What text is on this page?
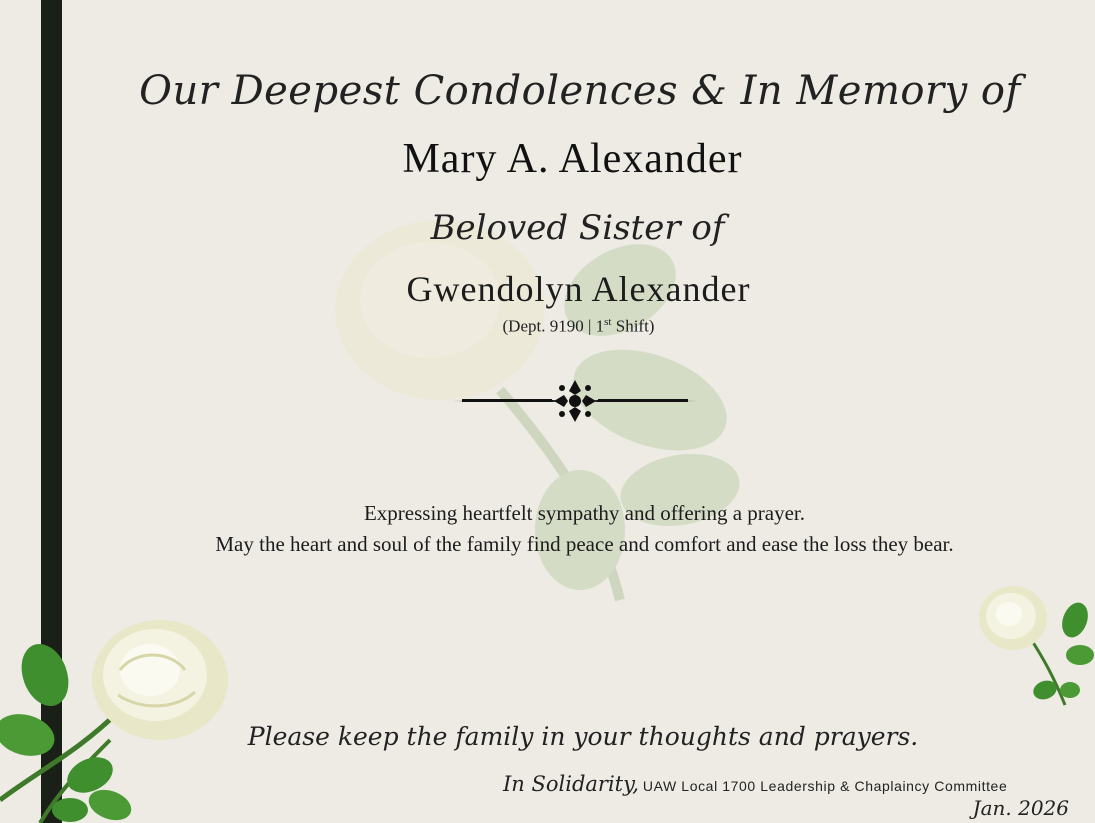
Our Deepest Condolences & In Memory of
Mary A. Alexander
Beloved Sister of
Gwendolyn Alexander
(Dept. 9190 | 1st Shift)
Expressing heartfelt sympathy and offering a prayer.
May the heart and soul of the family find peace and comfort and ease the loss they bear.
Please keep the family in your thoughts and prayers.
In Solidarity, UAW Local 1700 Leadership & Chaplaincy Committee
Jan. 2026
